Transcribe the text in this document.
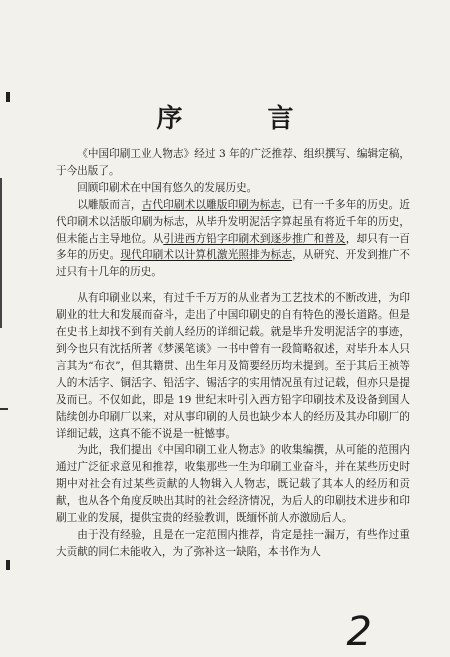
序 言

《中国印刷工业人物志》经过 3 年的广泛推荐、组织撰写、编辑定稿，于今出版了。

回顾印刷术在中国有悠久的发展历史。

以雕版而言，古代印刷术以雕版印刷为标志，已有一千多年的历史。近代印刷术以活版印刷为标志，从毕升发明泥活字算起虽有将近千年的历史，但未能占主导地位。从引进西方铅字印刷术到逐步推广和普及，却只有一百多年的历史。现代印刷术以计算机激光照排为标志，从研究、开发到推广不过只有十几年的历史。

从有印刷业以来，有过千千万万的从业者为工艺技术的不断改进，为印刷业的壮大和发展而奋斗，走出了中国印刷史的自有特色的漫长道路。但是在史书上却找不到有关前人经历的详细记载。就是毕升发明泥活字的事迹，到今也只有沈括所著《梦溪笔谈》一书中曾有一段简略叙述，对毕升本人只言其为“布衣”，但其籍贯、出生年月及简要经历均未提到。至于其后王祯等人的木活字、铜活字、铅活字、锡活字的实用情况虽有过记载，但亦只是提及而已。不仅如此，即是 19 世纪末叶引入西方铅字印刷技术及设备到国人陆续创办印刷厂以来，对从事印刷的人员也缺少本人的经历及其办印刷厂的详细记载，这真不能不说是一桩憾事。

为此，我们提出《中国印刷工业人物志》的收集编撰，从可能的范围内通过广泛征求意见和推荐，收集那些一生为印刷工业奋斗，并在某些历史时期中对社会有过某些贡献的人物辑入人物志，既记载了其本人的经历和贡献，也从各个角度反映出其时的社会经济情况，为后人的印刷技术进步和印刷工业的发展，提供宝贵的经验教训，既缅怀前人亦激励后人。

由于没有经验，且是在一定范围内推荐，肯定是挂一漏万，有些作过重大贡献的同仁未能收入，为了弥补这一缺陷，本书作为人

2
